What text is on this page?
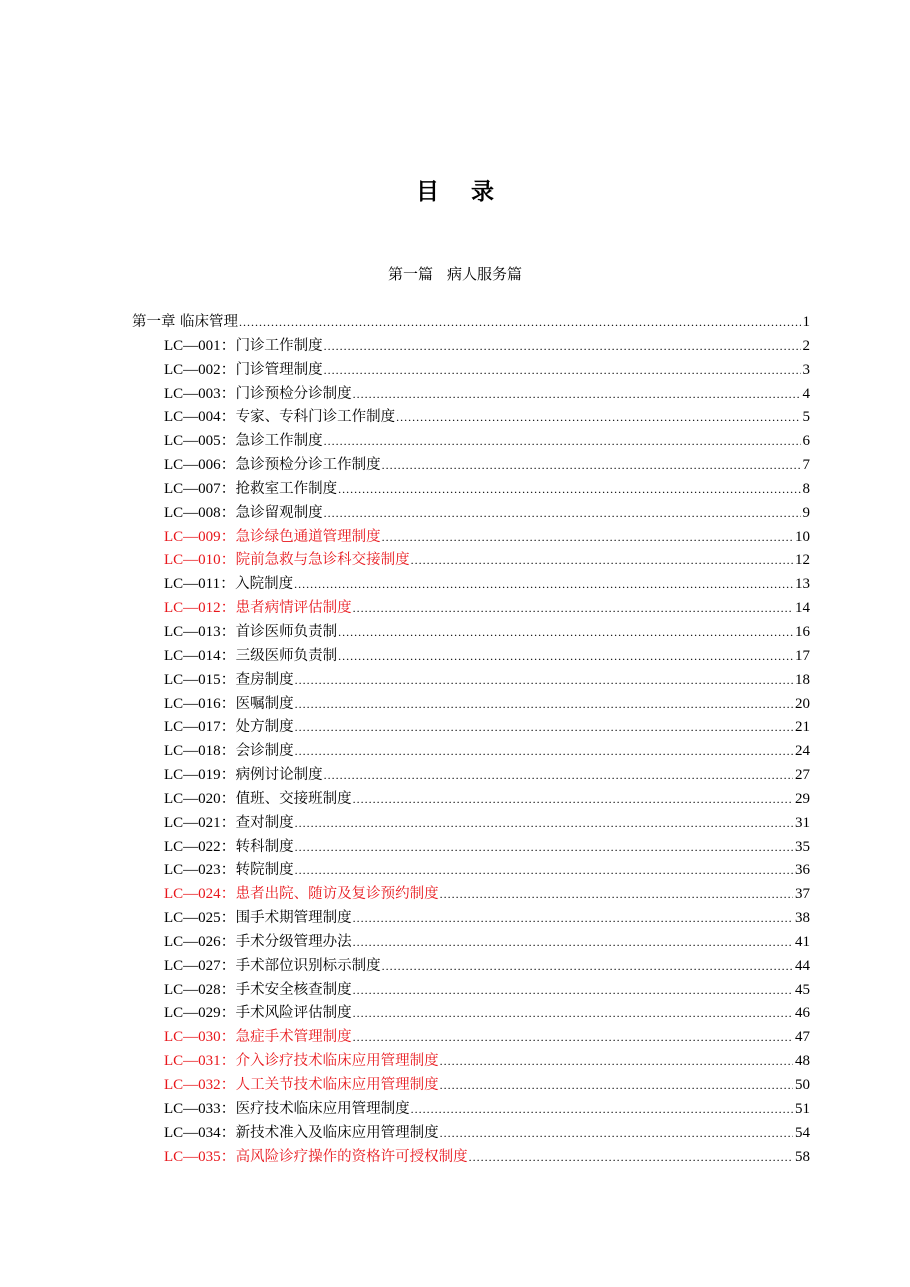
目 录
第一篇 病人服务篇
第一章 临床管理 .....	1
LC—001： 门诊工作制度 .....	2
LC—002： 门诊管理制度 .....	3
LC—003： 门诊预检分诊制度 .....	4
LC—004： 专家、专科门诊工作制度 .....	5
LC—005： 急诊工作制度 .....	6
LC—006： 急诊预检分诊工作制度 .....	7
LC—007： 抢救室工作制度 .....	8
LC—008： 急诊留观制度 .....	9
LC—009： 急诊绿色通道管理制度 .....	10
LC—010： 院前急救与急诊科交接制度 .....	12
LC—011： 入院制度 .....	13
LC—012： 患者病情评估制度 .....	14
LC—013： 首诊医师负责制 .....	16
LC—014： 三级医师负责制 .....	17
LC—015： 查房制度 .....	18
LC—016： 医嘱制度 .....	20
LC—017： 处方制度 .....	21
LC—018： 会诊制度 .....	24
LC—019： 病例讨论制度 .....	27
LC—020： 值班、交接班制度 .....	29
LC—021： 查对制度 .....	31
LC—022： 转科制度 .....	35
LC—023： 转院制度 .....	36
LC—024： 患者出院、随访及复诊预约制度 .....	37
LC—025： 围手术期管理制度 .....	38
LC—026： 手术分级管理办法 .....	41
LC—027： 手术部位识别标示制度 .....	44
LC—028： 手术安全核查制度 .....	45
LC—029： 手术风险评估制度 .....	46
LC—030： 急症手术管理制度 .....	47
LC—031： 介入诊疗技术临床应用管理制度 .....	48
LC—032： 人工关节技术临床应用管理制度 .....	50
LC—033： 医疗技术临床应用管理制度 .....	51
LC—034： 新技术准入及临床应用管理制度 .....	54
LC—035： 高风险诊疗操作的资格许可授权制度 .....	58
